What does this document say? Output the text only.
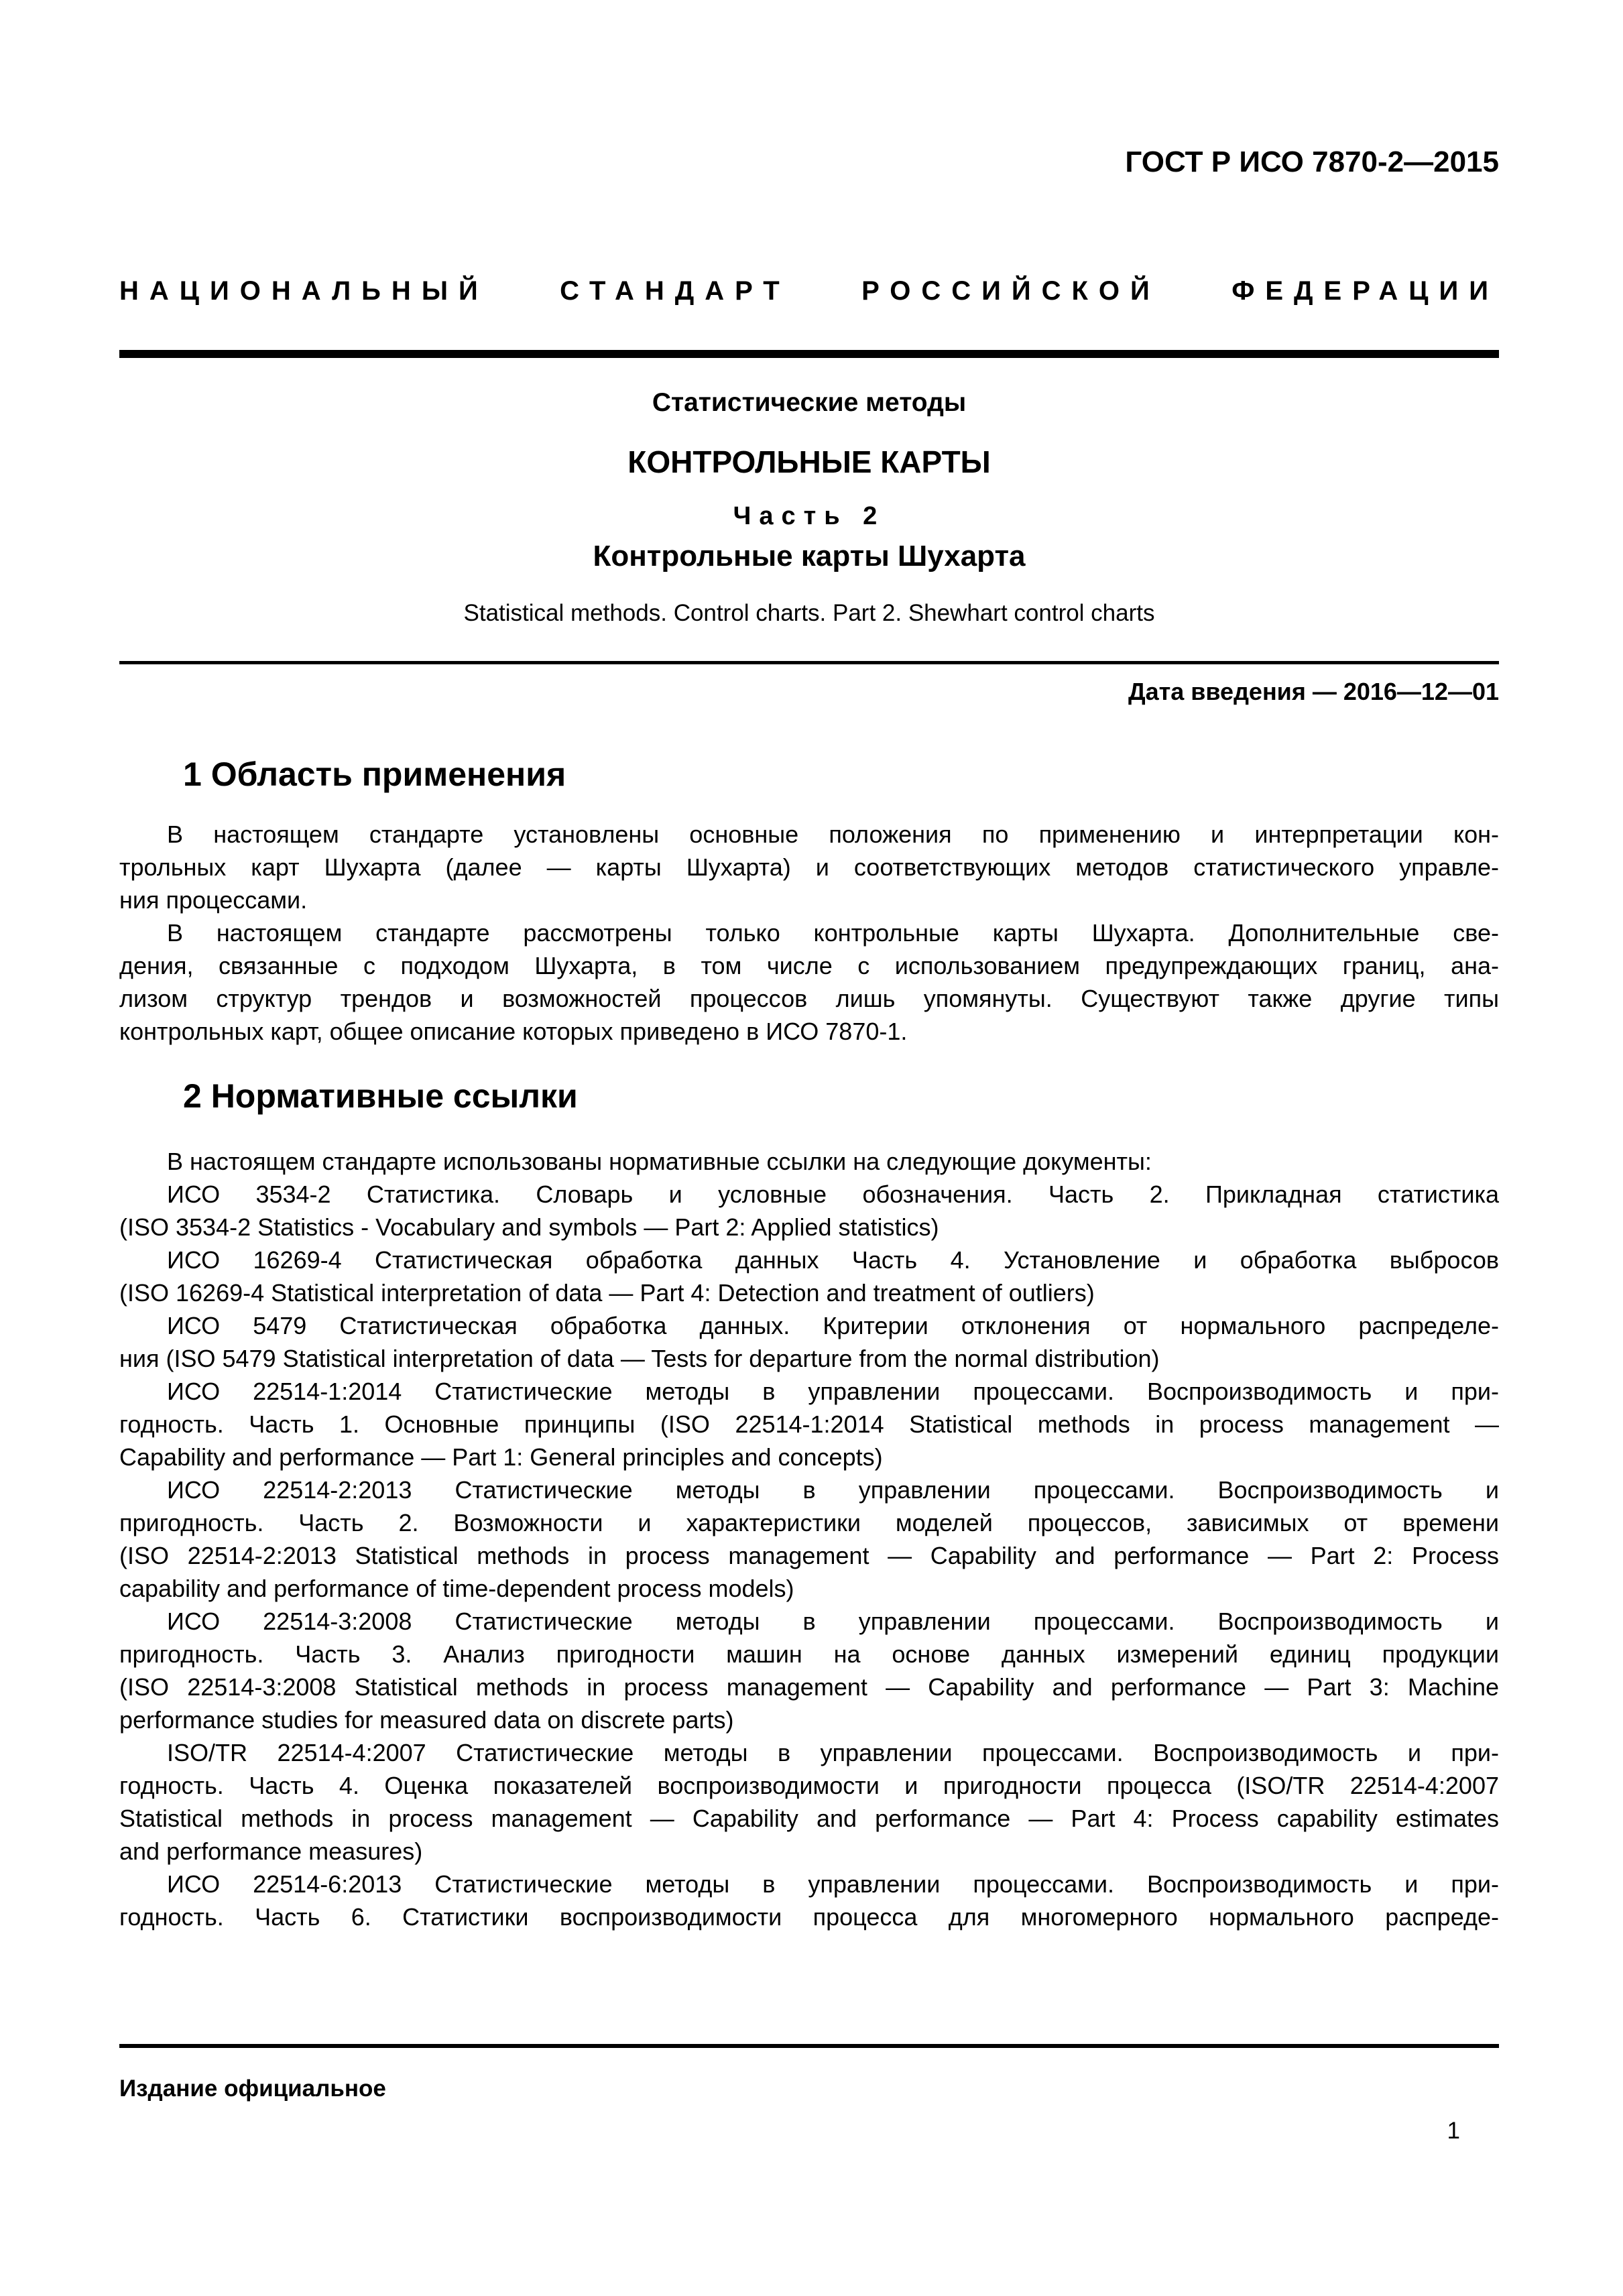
ГОСТ Р ИСО 7870-2—2015
НАЦИОНАЛЬНЫЙ	СТАНДАРТ	РОССИЙСКОЙ	ФЕДЕРАЦИИ
Статистические методы
КОНТРОЛЬНЫЕ КАРТЫ
Часть 2
Контрольные карты Шухарта
Statistical methods. Control charts. Part 2. Shewhart control charts
Дата введения — 2016—12—01
1 Область применения
В настоящем стандарте установлены основные положения по применению и интерпретации кон-
трольных карт Шухарта (далее — карты Шухарта) и соответствующих методов статистического управле-
ния процессами.
В настоящем стандарте рассмотрены только контрольные карты Шухарта. Дополнительные све-
дения, связанные с подходом Шухарта, в том числе с использованием предупреждающих границ, ана-
лизом структур трендов и возможностей процессов лишь упомянуты. Существуют также другие типы
контрольных карт, общее описание которых приведено в ИСО 7870-1.
2 Нормативные ссылки
В настоящем стандарте использованы нормативные ссылки на следующие документы:
ИСО 3534-2 Статистика. Словарь и условные обозначения. Часть 2. Прикладная статистика
(ISO 3534-2 Statistics - Vocabulary and symbols — Part 2: Applied statistics)
ИСО 16269-4 Статистическая обработка данных Часть 4. Установление и обработка выбросов
(ISO 16269-4 Statistical interpretation of data — Part 4: Detection and treatment of outliers)
ИСО 5479 Статистическая обработка данных. Критерии отклонения от нормального распределе-
ния (ISO 5479 Statistical interpretation of data — Tests for departure from the normal distribution)
ИСО 22514-1:2014 Статистические методы в управлении процессами. Воспроизводимость и при-
годность. Часть 1. Основные принципы (ISO 22514-1:2014 Statistical methods in process management —
Capability and performance — Part 1: General principles and concepts)
ИСО 22514-2:2013 Статистические методы в управлении процессами. Воспроизводимость и
пригодность. Часть 2. Возможности и характеристики моделей процессов, зависимых от времени
(ISO 22514-2:2013 Statistical methods in process management — Capability and performance — Part 2: Process
capability and performance of time-dependent process models)
ИСО 22514-3:2008 Статистические методы в управлении процессами. Воспроизводимость и
пригодность. Часть 3. Анализ пригодности машин на основе данных измерений единиц продукции
(ISO 22514-3:2008 Statistical methods in process management — Capability and performance — Part 3: Machine
performance studies for measured data on discrete parts)
ISO/TR 22514-4:2007 Статистические методы в управлении процессами. Воспроизводимость и при-
годность. Часть 4. Оценка показателей воспроизводимости и пригодности процесса (ISO/TR 22514-4:2007
Statistical methods in process management — Capability and performance — Part 4: Process capability estimates
and performance measures)
ИСО 22514-6:2013 Статистические методы в управлении процессами. Воспроизводимость и при-
годность. Часть 6. Статистики воспроизводимости процесса для многомерного нормального распреде-
Издание официальное
1
